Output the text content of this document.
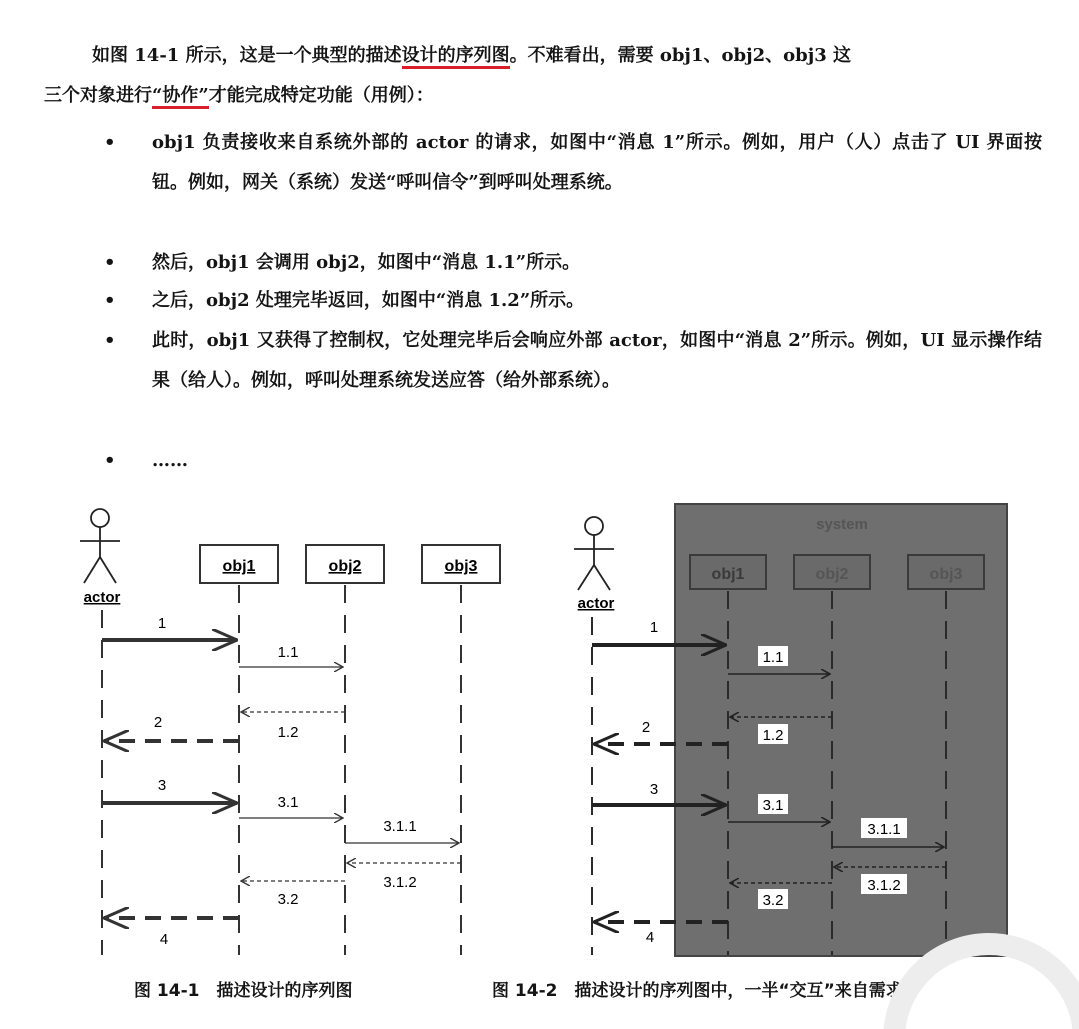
如图 14-1 所示，这是一个典型的描述设计的序列图。不难看出，需要 obj1、obj2、obj3 这

三个对象进行“协作”才能完成特定功能（用例）：

• obj1 负责接收来自系统外部的 actor 的请求，如图中“消息 1”所示。例如，用户（人）点击了 UI 界面按钮。例如，网关（系统）发送“呼叫信令”到呼叫处理系统。
• 然后，obj1 会调用 obj2，如图中“消息 1.1”所示。
• 之后，obj2 处理完毕返回，如图中“消息 1.2”所示。
• 此时，obj1 又获得了控制权，它处理完毕后会响应外部 actor，如图中“消息 2”所示。例如，UI 显示操作结果（给人）。例如，呼叫处理系统发送应答（给外部系统）。
• ……
actor
obj1	obj2	obj3
1
1.1
1.2
2
3
3.1
3.1.1
3.1.2
3.2
4
system
actor
obj1	obj2	obj3
1
1.1
1.2
2
3
3.1
3.1.1
3.1.2
3.2
4
图 14-1　描述设计的序列图	图 14-2　描述设计的序列图中，一半“交互”来自需求
